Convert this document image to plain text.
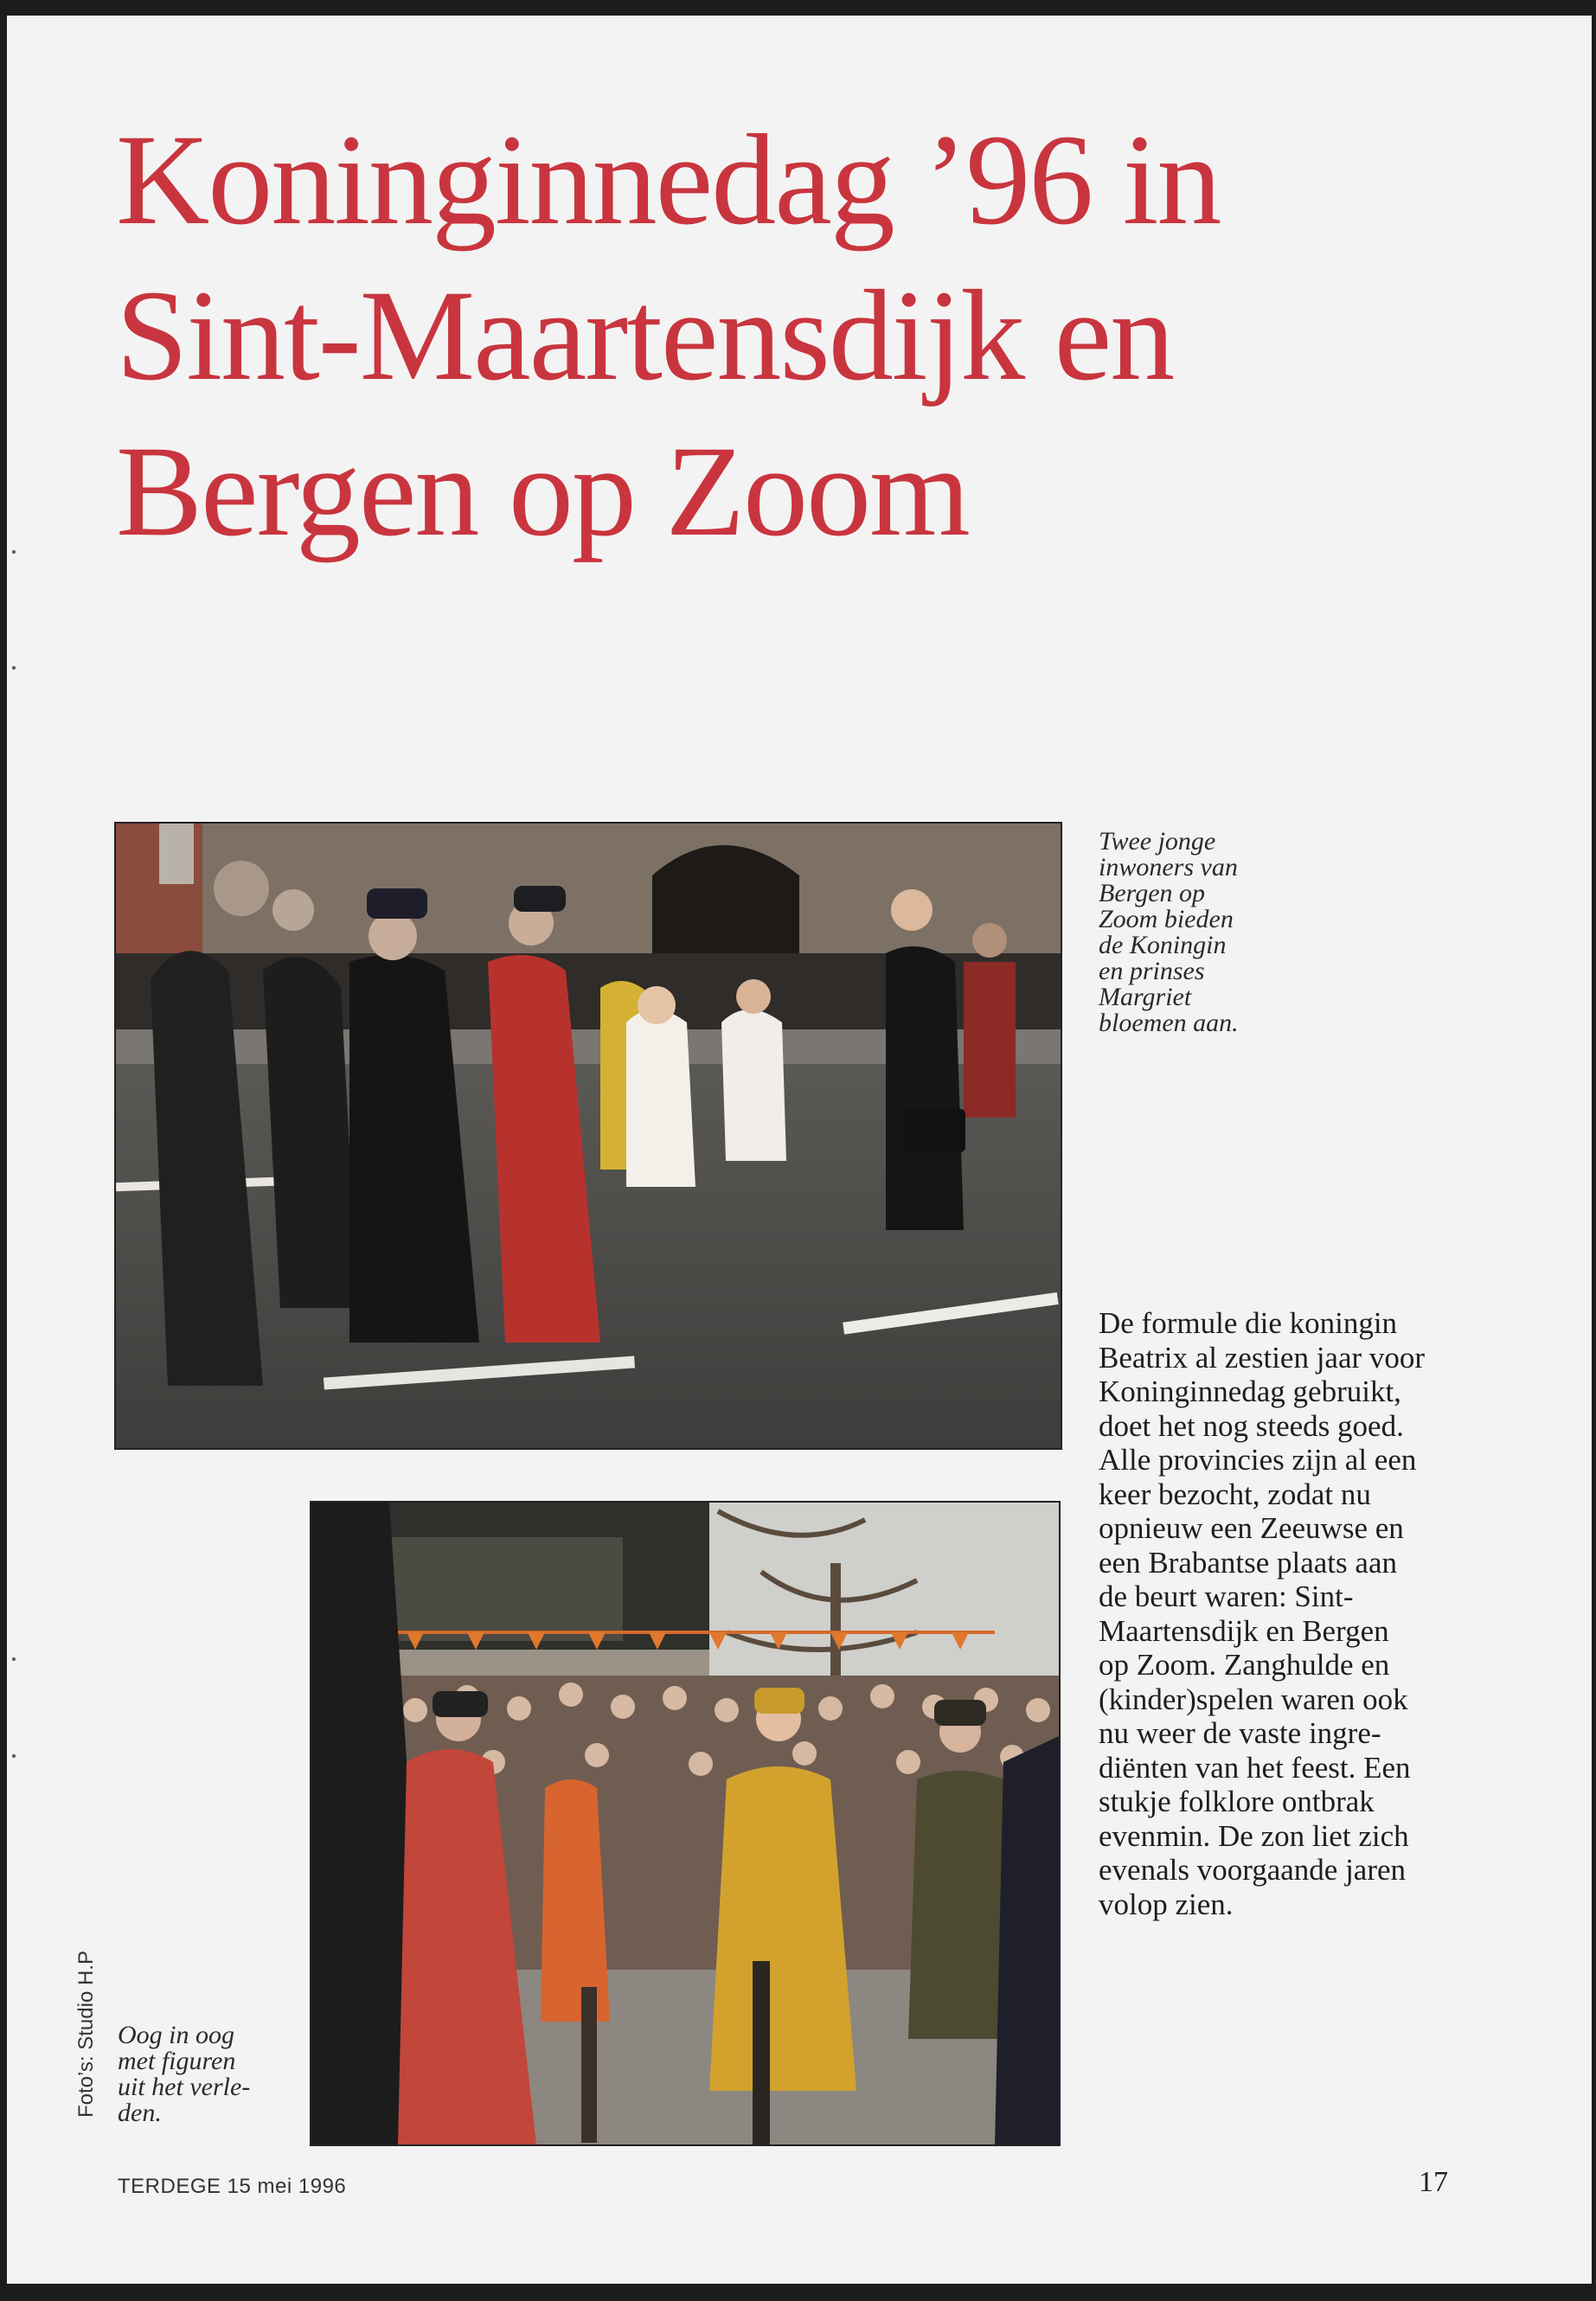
Koninginnedag ’96 in
Sint-Maartensdijk en
Bergen op Zoom
Twee jonge
inwoners van
Bergen op
Zoom bieden
de Koningin
en prinses
Margriet
bloemen aan.
De formule die koningin
Beatrix al zestien jaar voor
Koninginnedag gebruikt,
doet het nog steeds goed.
Alle provincies zijn al een
keer bezocht, zodat nu
opnieuw een Zeeuwse en
een Brabantse plaats aan
de beurt waren: Sint-
Maartensdijk en Bergen
op Zoom. Zanghulde en
(kinder)spelen waren ook
nu weer de vaste ingre-
diënten van het feest. Een
stukje folklore ontbrak
evenmin. De zon liet zich
evenals voorgaande jaren
volop zien.
Oog in oog
met figuren
uit het verle-
den.
Foto’s: Studio H.P
TERDEGE 15 mei 1996	17
